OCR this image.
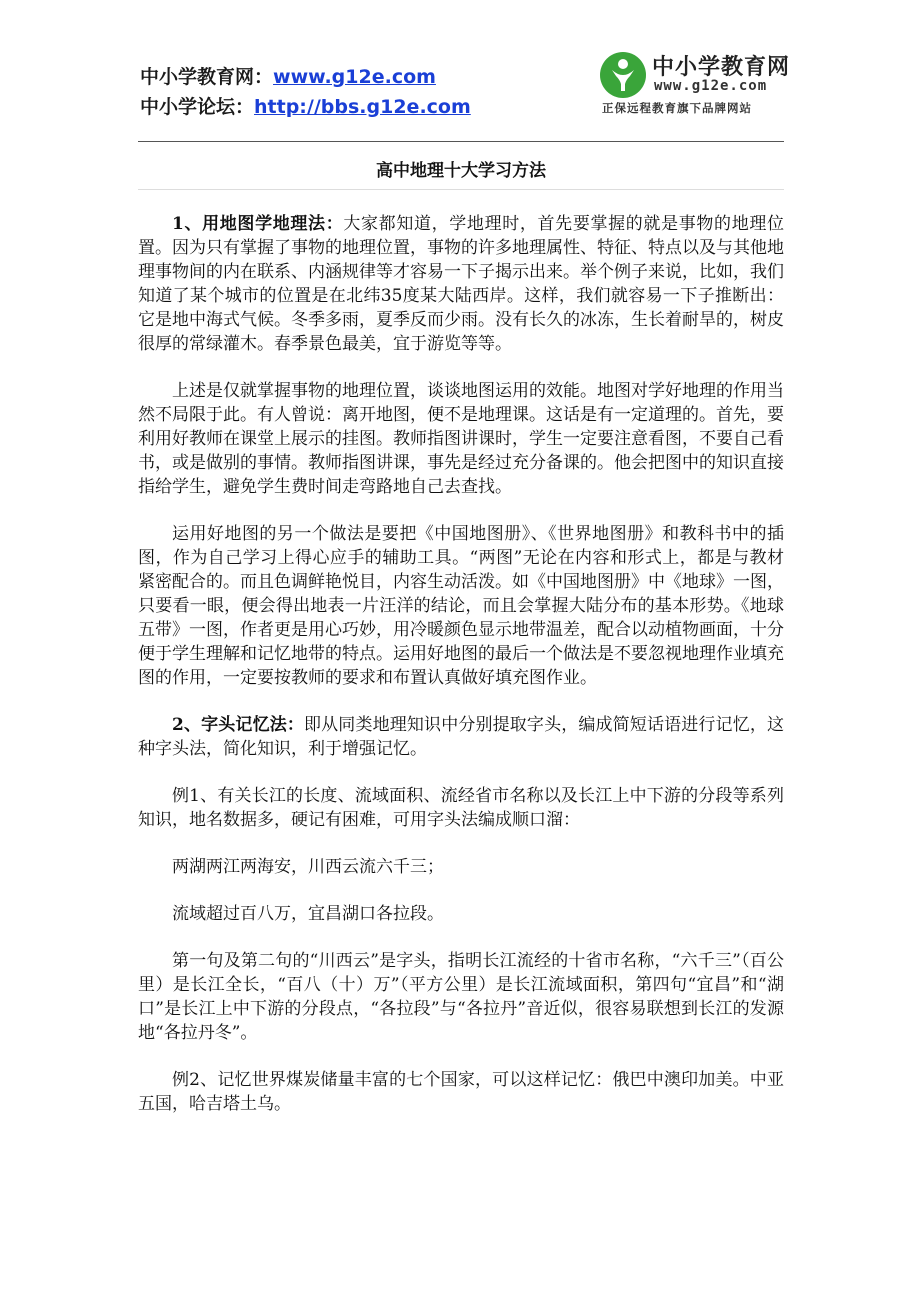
中小学教育网：www.g12e.com
中小学论坛：http://bbs.g12e.com
中小学教育网
www.g12e.com
正保远程教育旗下品牌网站
高中地理十大学习方法

1、用地图学地理法：大家都知道，学地理时，首先要掌握的就是事物的地理位置。因为只有掌握了事物的地理位置，事物的许多地理属性、特征、特点以及与其他地理事物间的内在联系、内涵规律等才容易一下子揭示出来。举个例子来说，比如，我们知道了某个城市的位置是在北纬35度某大陆西岸。这样，我们就容易一下子推断出：它是地中海式气候。冬季多雨，夏季反而少雨。没有长久的冰冻，生长着耐旱的，树皮很厚的常绿灌木。春季景色最美，宜于游览等等。

上述是仅就掌握事物的地理位置，谈谈地图运用的效能。地图对学好地理的作用当然不局限于此。有人曾说：离开地图，便不是地理课。这话是有一定道理的。首先，要利用好教师在课堂上展示的挂图。教师指图讲课时，学生一定要注意看图，不要自己看书，或是做别的事情。教师指图讲课，事先是经过充分备课的。他会把图中的知识直接指给学生，避免学生费时间走弯路地自己去查找。

运用好地图的另一个做法是要把《中国地图册》、《世界地图册》和教科书中的插图，作为自己学习上得心应手的辅助工具。“两图”无论在内容和形式上，都是与教材紧密配合的。而且色调鲜艳悦目，内容生动活泼。如《中国地图册》中《地球》一图，只要看一眼，便会得出地表一片汪洋的结论，而且会掌握大陆分布的基本形势。《地球五带》一图，作者更是用心巧妙，用冷暖颜色显示地带温差，配合以动植物画面，十分便于学生理解和记忆地带的特点。运用好地图的最后一个做法是不要忽视地理作业填充图的作用，一定要按教师的要求和布置认真做好填充图作业。

2、字头记忆法：即从同类地理知识中分别提取字头，编成简短话语进行记忆，这种字头法，简化知识，利于增强记忆。

例1、有关长江的长度、流域面积、流经省市名称以及长江上中下游的分段等系列知识，地名数据多，硬记有困难，可用字头法编成顺口溜：

两湖两江两海安，川西云流六千三；

流域超过百八万，宜昌湖口各拉段。

第一句及第二句的“川西云”是字头，指明长江流经的十省市名称，“六千三”（百公里）是长江全长，“百八（十）万”（平方公里）是长江流域面积，第四句“宜昌”和“湖口”是长江上中下游的分段点，“各拉段”与“各拉丹”音近似，很容易联想到长江的发源地“各拉丹冬”。

例2、记忆世界煤炭储量丰富的七个国家，可以这样记忆：俄巴中澳印加美。中亚五国，哈吉塔土乌。
